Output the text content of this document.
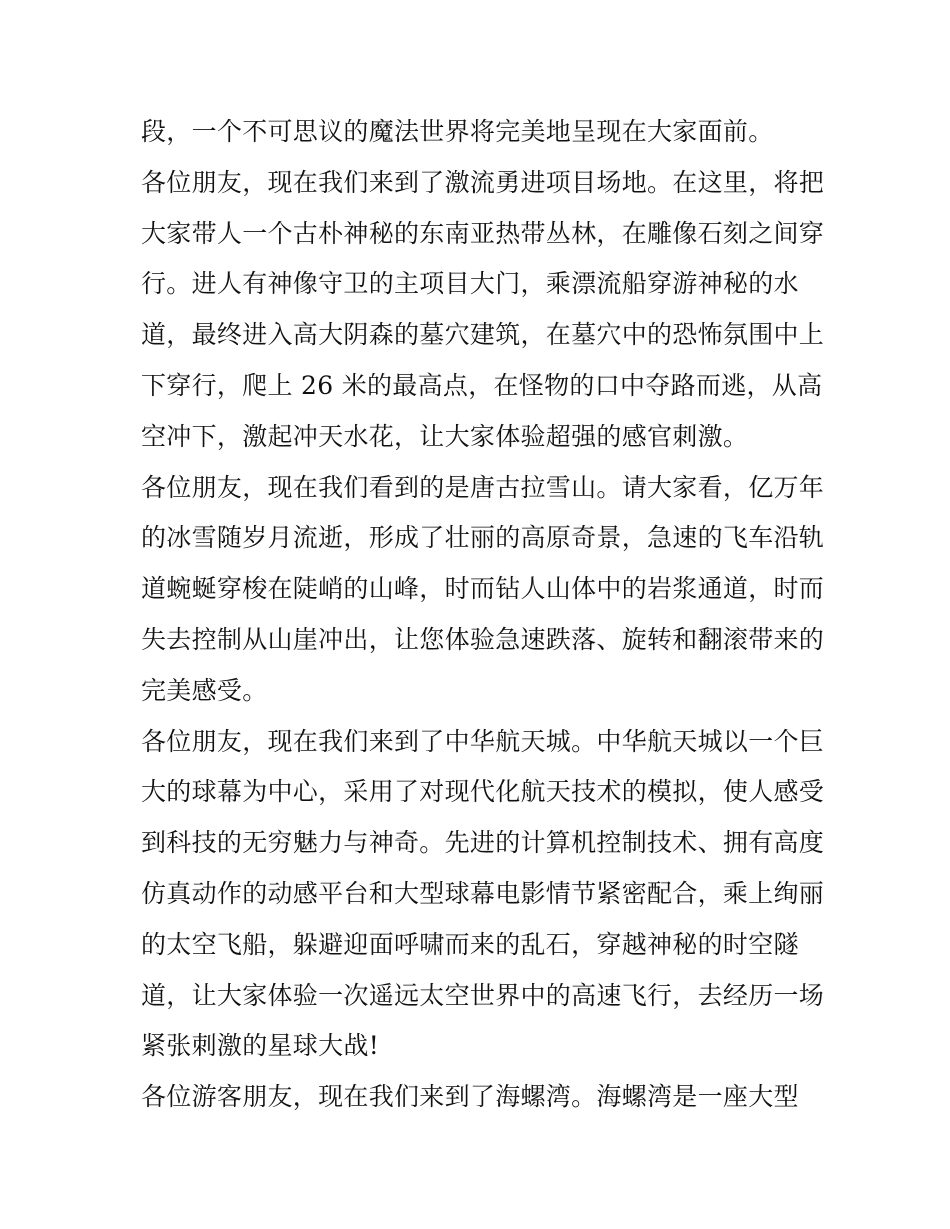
段，一个不可思议的魔法世界将完美地呈现在大家面前。
各位朋友，现在我们来到了激流勇进项目场地。在这里，将把
大家带人一个古朴神秘的东南亚热带丛林，在雕像石刻之间穿
行。进人有神像守卫的主项目大门，乘漂流船穿游神秘的水
道，最终进入高大阴森的墓穴建筑，在墓穴中的恐怖氛围中上
下穿行，爬上 26 米的最高点，在怪物的口中夺路而逃，从高
空冲下，激起冲天水花，让大家体验超强的感官刺激。
各位朋友，现在我们看到的是唐古拉雪山。请大家看，亿万年
的冰雪随岁月流逝，形成了壮丽的高原奇景，急速的飞车沿轨
道蜿蜒穿梭在陡峭的山峰，时而钻人山体中的岩浆通道，时而
失去控制从山崖冲出，让您体验急速跌落、旋转和翻滚带来的
完美感受。
各位朋友，现在我们来到了中华航天城。中华航天城以一个巨
大的球幕为中心，采用了对现代化航天技术的模拟，使人感受
到科技的无穷魅力与神奇。先进的计算机控制技术、拥有高度
仿真动作的动感平台和大型球幕电影情节紧密配合，乘上绚丽
的太空飞船，躲避迎面呼啸而来的乱石，穿越神秘的时空隧
道，让大家体验一次遥远太空世界中的高速飞行，去经历一场
紧张刺激的星球大战!
各位游客朋友，现在我们来到了海螺湾。海螺湾是一座大型
